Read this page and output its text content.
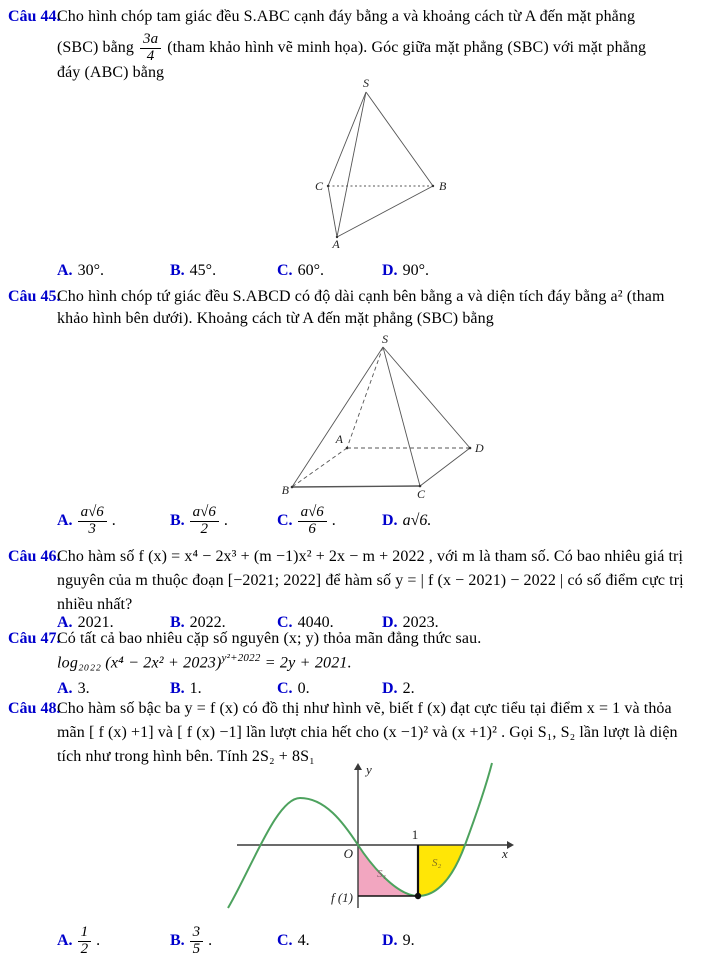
Câu 44.
Cho hình chóp tam giác đều S.ABC cạnh đáy bằng a và khoảng cách từ A đến mặt phẳng
(SBC) bằng $\frac{3a}{4}$ (tham khảo hình vẽ minh họa). Góc giữa mặt phẳng (SBC) với mặt phẳng
đáy (ABC) bằng
S
C	B
A
A. 30°.	B. 45°.	C. 60°.	D. 90°.
Câu 45.
Cho hình chóp tứ giác đều S.ABCD có độ dài cạnh bên bằng a và diện tích đáy bằng a² (tham
khảo hình bên dưới). Khoảng cách từ A đến mặt phẳng (SBC) bằng
S
B	C
D
A
A. $\frac{a√6}{3}$ .	B. $\frac{a√6}{2}$ .	C. $\frac{a√6}{6}$ .	D. a√6.
Câu 46.
Cho hàm số f (x) = x⁴ − 2x³ + (m −1)x² + 2x − m + 2022 , với m là tham số. Có bao nhiêu giá trị
nguyên của m thuộc đoạn [−2021; 2022] để hàm số y = | f (x − 2021) − 2022 | có số điểm cực trị
nhiều nhất?
A. 2021.	B. 2022.	C. 4040.	D. 2023.
Câu 47.
Có tất cả bao nhiêu cặp số nguyên (x; y) thỏa mãn đẳng thức sau.
log₂₀₂₂ $(x^4 - 2x^2 + 2023)^{y^2+2022} = 2y + 2021$.
A. 3.	B. 1.	C. 0.	D. 2.
Câu 48.
Cho hàm số bậc ba y = f (x) có đồ thị như hình vẽ, biết f (x) đạt cực tiểu tại điểm x = 1 và thỏa
mãn [ f (x) +1] và [ f (x) −1] lần lượt chia hết cho (x −1)² và (x +1)² . Gọi S₁, S₂ lần lượt là diện
tích như trong hình bên. Tính 2S₂ + 8S₁
O
y
x
1
f (1)
S₁
S₂
A. $\frac{1}{2}$ .	B. $\frac{3}{5}$ .	C. 4.	D. 9.
